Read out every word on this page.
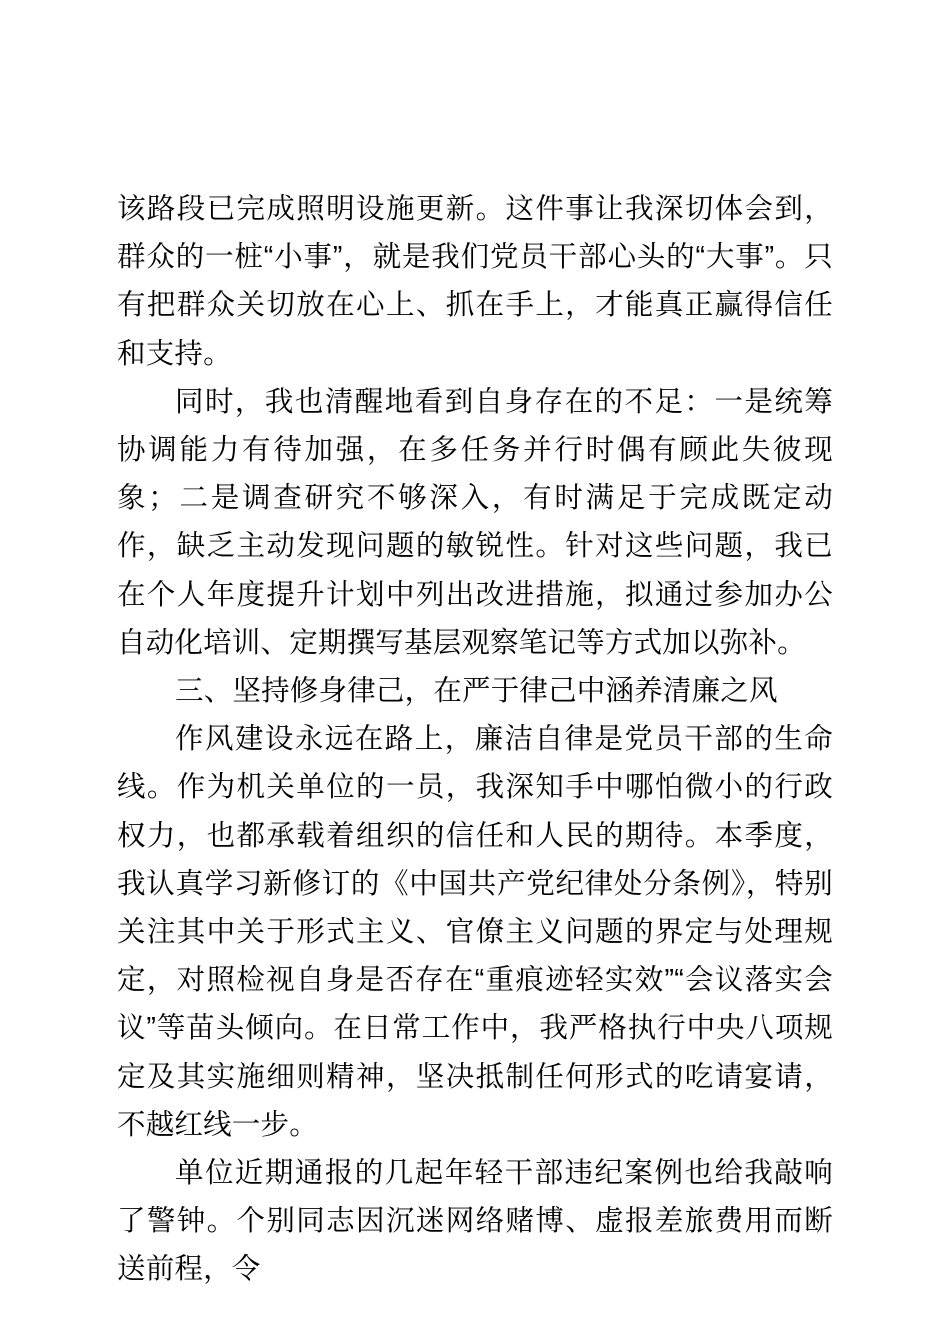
该路段已完成照明设施更新。这件事让我深切体会到，群众的一桩“小事”，就是我们党员干部心头的“大事”。只有把群众关切放在心上、抓在手上，才能真正赢得信任和支持。

同时，我也清醒地看到自身存在的不足：一是统筹协调能力有待加强，在多任务并行时偶有顾此失彼现象；二是调查研究不够深入，有时满足于完成既定动作，缺乏主动发现问题的敏锐性。针对这些问题，我已在个人年度提升计划中列出改进措施，拟通过参加办公自动化培训、定期撰写基层观察笔记等方式加以弥补。

三、坚持修身律己，在严于律己中涵养清廉之风

作风建设永远在路上，廉洁自律是党员干部的生命线。作为机关单位的一员，我深知手中哪怕微小的行政权力，也都承载着组织的信任和人民的期待。本季度，我认真学习新修订的《中国共产党纪律处分条例》，特别关注其中关于形式主义、官僚主义问题的界定与处理规定，对照检视自身是否存在“重痕迹轻实效”“会议落实会议”等苗头倾向。在日常工作中，我严格执行中央八项规定及其实施细则精神，坚决抵制任何形式的吃请宴请，不越红线一步。

单位近期通报的几起年轻干部违纪案例也给我敲响了警钟。个别同志因沉迷网络赌博、虚报差旅费用而断送前程，令
